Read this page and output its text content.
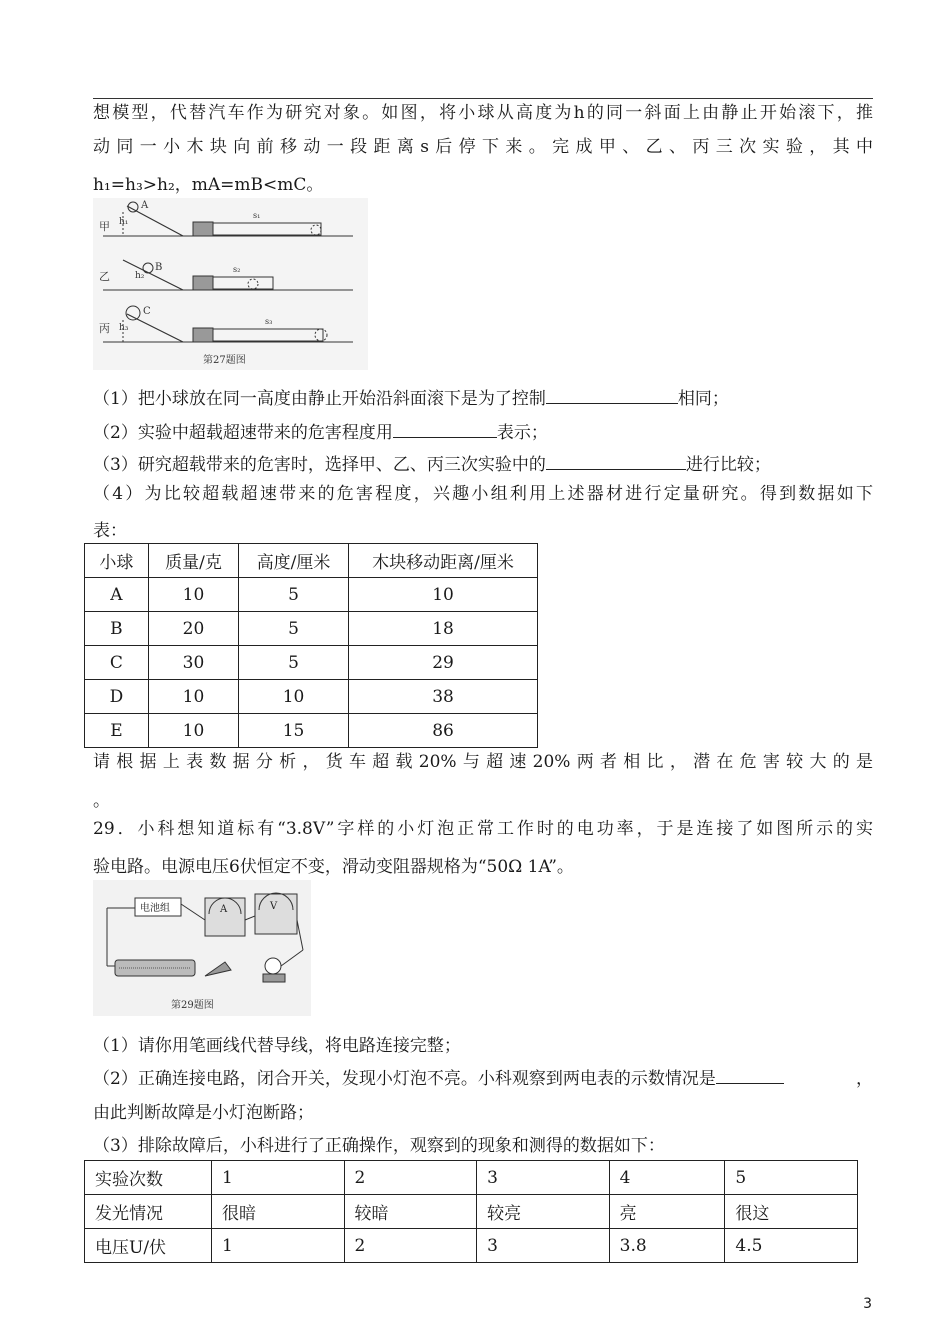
想模型，代替汽车作为研究对象。如图，将小球从高度为h的同一斜面上由静止开始滚下，推
动同一小木块向前移动一段距离s后停下来。完成甲、乙、丙三次实验，其中
h₁=h₃>h₂，mA=mB<mC。
甲 h₁
A
s₁
乙	h₂
B	s₂
丙 h₃
C
s₃
第27题图
（1）把小球放在同一高度由静止开始沿斜面滚下是为了控制	相同；
（2）实验中超载超速带来的危害程度用	表示；
（3）研究超载带来的危害时，选择甲、乙、丙三次实验中的	进行比较；
（4）为比较超载超速带来的危害程度，兴趣小组利用上述器材进行定量研究。得到数据如下
表：
小球	质量/克	高度/厘米	木块移动距离/厘米
A	10	5	10
B	20	5	18
C	30	5	29
D	10	10	38
E	10	15	86
请根据上表数据分析，货车超载20%与超速20%两者相比，潜在危害较大的是
。
29．小科想知道标有“3.8V”字样的小灯泡正常工作时的电功率，于是连接了如图所示的实
验电路。电源电压6伏恒定不变，滑动变阻器规格为“50Ω 1A”。
电池组	A	V
第29题图
（1）请你用笔画线代替导线，将电路连接完整；
（2）正确连接电路，闭合开关，发现小灯泡不亮。小科观察到两电表的示数情况是	，
由此判断故障是小灯泡断路；
（3）排除故障后，小科进行了正确操作，观察到的现象和测得的数据如下：
实验次数	1	2	3	4	5
发光情况	很暗	较暗	较亮	亮	很这
电压U/伏	1	2	3	3.8	4.5
3
